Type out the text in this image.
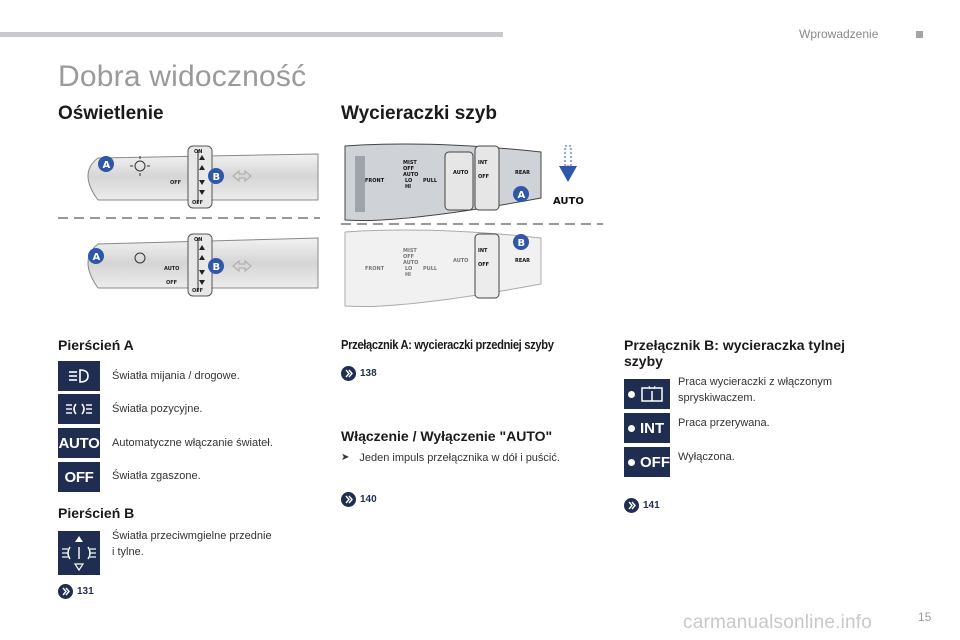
Wprowadzenie
Dobra widoczność
Oświetlenie	Wycieraczki szyb
ON
OFF
OFF
A
B
ON
OFF
AUTO
OFF
A
B
FRONT
MIST
OFF
AUTO
LO
HI
PULL
AUTO
INT
OFF
REAR
A
AUTO
FRONT
MIST
OFF
AUTO
LO
HI
PULL
AUTO
INT
OFF
REAR
B
Pierścień A
Światła mijania / drogowe.
Światła pozycyjne.
AUTO Automatyczne włączanie świateł.
OFF	Światła zgaszone.
Pierścień B
Światła przeciwmgielne przednie
i tylne.
131
Przełącznik A: wycieraczki przedniej szyby
138
Włączenie / Wyłączenie "AUTO"
➤ Jeden impuls przełącznika w dół i puścić.
140
Przełącznik B: wycieraczka tylnej
szyby
Praca wycieraczki z włączonym
spryskiwaczem.
INT Praca przerywana.
OFF Wyłączona.
141
carmanualsonline.info	15
